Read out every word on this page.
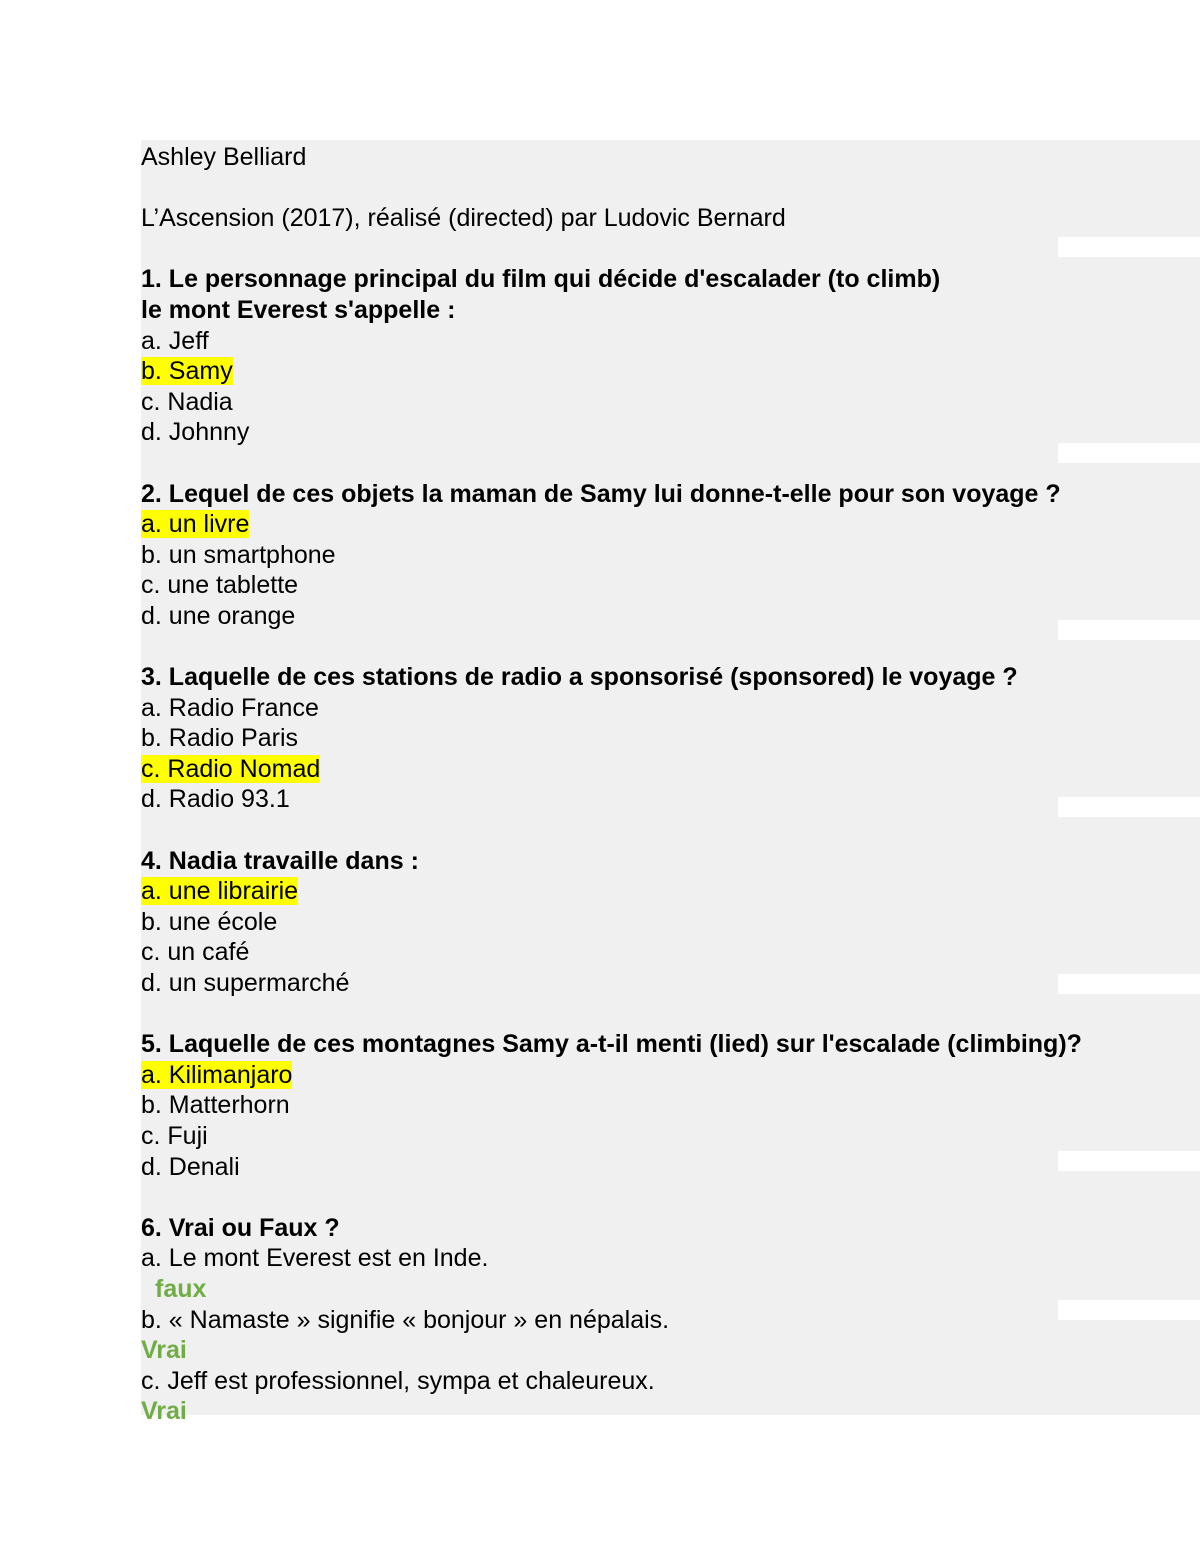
Ashley Belliard
L’Ascension (2017), réalisé (directed) par Ludovic Bernard
1. Le personnage principal du film qui décide d'escalader (to climb)
le mont Everest s'appelle :
a. Jeff
b. Samy
c. Nadia
d. Johnny
2. Lequel de ces objets la maman de Samy lui donne-t-elle pour son voyage ?
a. un livre
b. un smartphone
c. une tablette
d. une orange
3. Laquelle de ces stations de radio a sponsorisé (sponsored) le voyage ?
a. Radio France
b. Radio Paris
c. Radio Nomad
d. Radio 93.1
4. Nadia travaille dans :
a. une librairie
b. une école
c. un café
d. un supermarché
5. Laquelle de ces montagnes Samy a-t-il menti (lied) sur l'escalade (climbing)?
a. Kilimanjaro
b. Matterhorn
c. Fuji
d. Denali
6. Vrai ou Faux ?
a. Le mont Everest est en Inde.
faux
b. « Namaste » signifie « bonjour » en népalais.
Vrai
c. Jeff est professionnel, sympa et chaleureux.
Vrai
